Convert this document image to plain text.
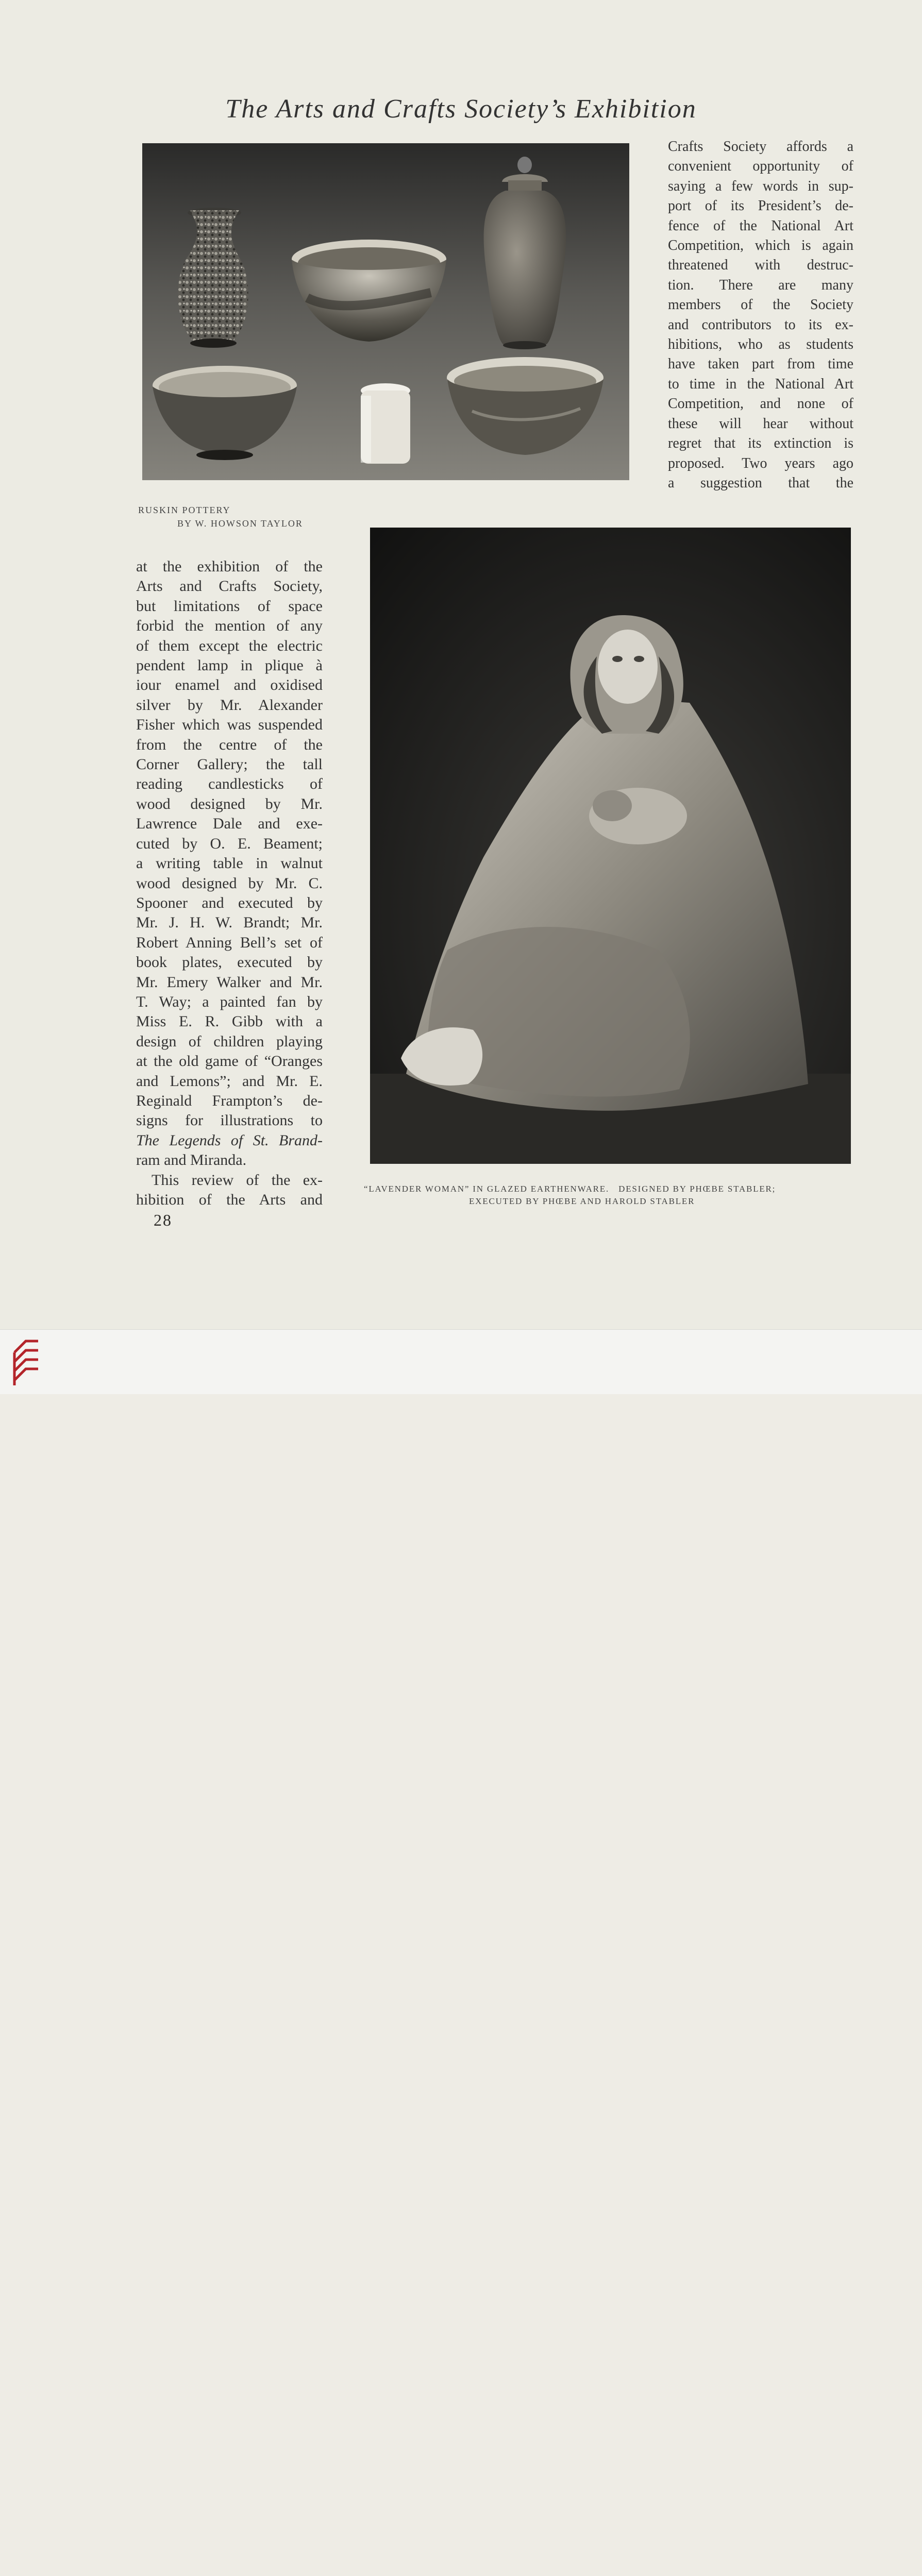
The Arts and Crafts Society’s Exhibition
RUSKIN POTTERY
BY W. HOWSON TAYLOR
Crafts Society affords a
convenient opportunity of
saying a few words in sup-
port of its President’s de-
fence of the National Art
Competition, which is again
threatened with destruc-
tion. There are many
members of the Society
and contributors to its ex-
hibitions, who as students
have taken part from time
to time in the National Art
Competition, and none of
these will hear without
regret that its extinction is
proposed. Two years ago
a suggestion that the
at the exhibition of the
Arts and Crafts Society,
but limitations of space
forbid the mention of any
of them except the electric
pendent lamp in plique à
iour enamel and oxidised
silver by Mr. Alexander
Fisher which was suspended
from the centre of the
Corner Gallery; the tall
reading candlesticks of
wood designed by Mr.
Lawrence Dale and exe-
cuted by O. E. Beament;
a writing table in walnut
wood designed by Mr. C.
Spooner and executed by
Mr. J. H. W. Brandt; Mr.
Robert Anning Bell’s set of
book plates, executed by
Mr. Emery Walker and Mr.
T. Way; a painted fan by
Miss E. R. Gibb with a
design of children playing
at the old game of “Oranges
and Lemons”; and Mr. E.
Reginald Frampton’s de-
signs for illustrations to
The Legends of St. Brand-
ram and Miranda.
This review of the ex-
hibition of the Arts and
“LAVENDER WOMAN” IN GLAZED EARTHENWARE.   DESIGNED BY PHŒBE STABLER;
EXECUTED BY PHŒBE AND HAROLD STABLER
28
